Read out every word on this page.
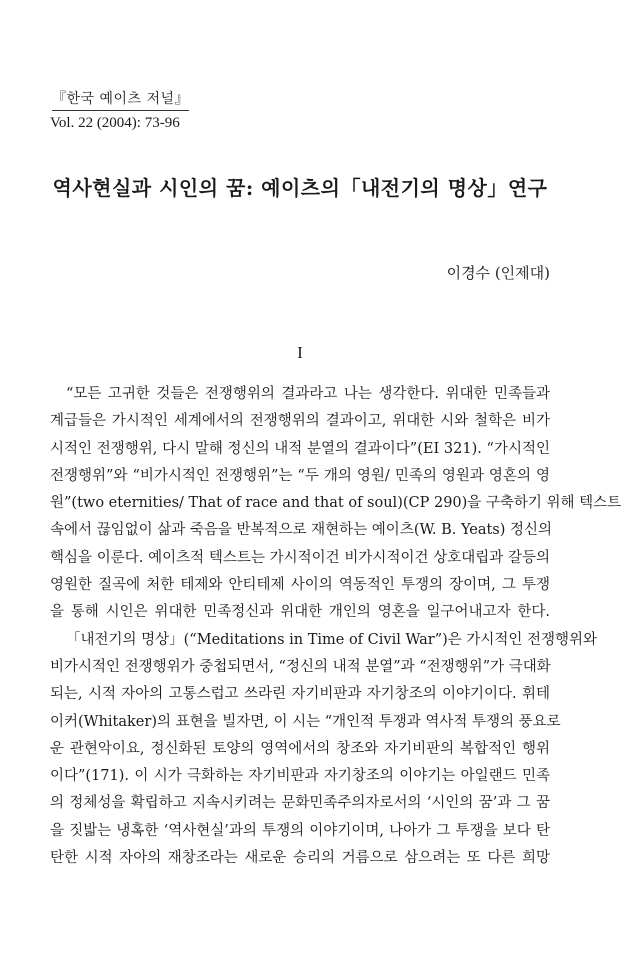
『한국 예이츠 저널』
Vol. 22 (2004): 73-96
역사현실과 시인의 꿈: 예이츠의「내전기의 명상」연구
이경수 (인제대)
I
“모든 고귀한 것들은 전쟁행위의 결과라고 나는 생각한다. 위대한 민족들과
계급들은 가시적인 세계에서의 전쟁행위의 결과이고, 위대한 시와 철학은 비가
시적인 전쟁행위, 다시 말해 정신의 내적 분열의 결과이다”(EI 321). “가시적인
전쟁행위”와 “비가시적인 전쟁행위”는 “두 개의 영원/ 민족의 영원과 영혼의 영
원”(two eternities/ That of race and that of soul)(CP 290)을 구축하기 위해 텍스트
속에서 끊임없이 삶과 죽음을 반복적으로 재현하는 예이츠(W. B. Yeats) 정신의
핵심을 이룬다. 예이츠적 텍스트는 가시적이건 비가시적이건 상호대립과 갈등의
영원한 질곡에 처한 테제와 안티테제 사이의 역동적인 투쟁의 장이며, 그 투쟁
을 통해 시인은 위대한 민족정신과 위대한 개인의 영혼을 일구어내고자 한다.
「내전기의 명상」(“Meditations in Time of Civil War”)은 가시적인 전쟁행위와
비가시적인 전쟁행위가 중첩되면서, “정신의 내적 분열”과 “전쟁행위”가 극대화
되는, 시적 자아의 고통스럽고 쓰라린 자기비판과 자기창조의 이야기이다. 휘테
이커(Whitaker)의 표현을 빌자면, 이 시는 “개인적 투쟁과 역사적 투쟁의 풍요로
운 관현악이요, 정신화된 토양의 영역에서의 창조와 자기비판의 복합적인 행위
이다”(171). 이 시가 극화하는 자기비판과 자기창조의 이야기는 아일랜드 민족
의 정체성을 확립하고 지속시키려는 문화민족주의자로서의 ‘시인의 꿈’과 그 꿈
을 짓밟는 냉혹한 ‘역사현실’과의 투쟁의 이야기이며, 나아가 그 투쟁을 보다 탄
탄한 시적 자아의 재창조라는 새로운 승리의 거름으로 삼으려는 또 다른 희망
